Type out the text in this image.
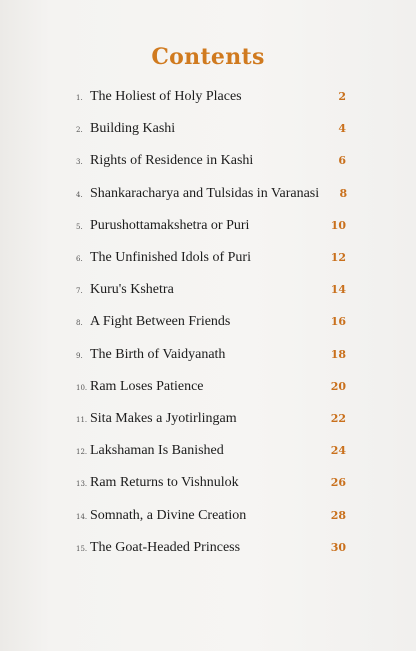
Contents
1. The Holiest of Holy Places	2
2. Building Kashi	4
3. Rights of Residence in Kashi	6
4. Shankaracharya and Tulsidas in Varanasi	8
5. Purushottamakshetra or Puri	10
6. The Unfinished Idols of Puri	12
7. Kuru's Kshetra	14
8. A Fight Between Friends	16
9. The Birth of Vaidyanath	18
10. Ram Loses Patience	20
11. Sita Makes a Jyotirlingam	22
12. Lakshaman Is Banished	24
13. Ram Returns to Vishnulok	26
14. Somnath, a Divine Creation	28
15. The Goat-Headed Princess	30
